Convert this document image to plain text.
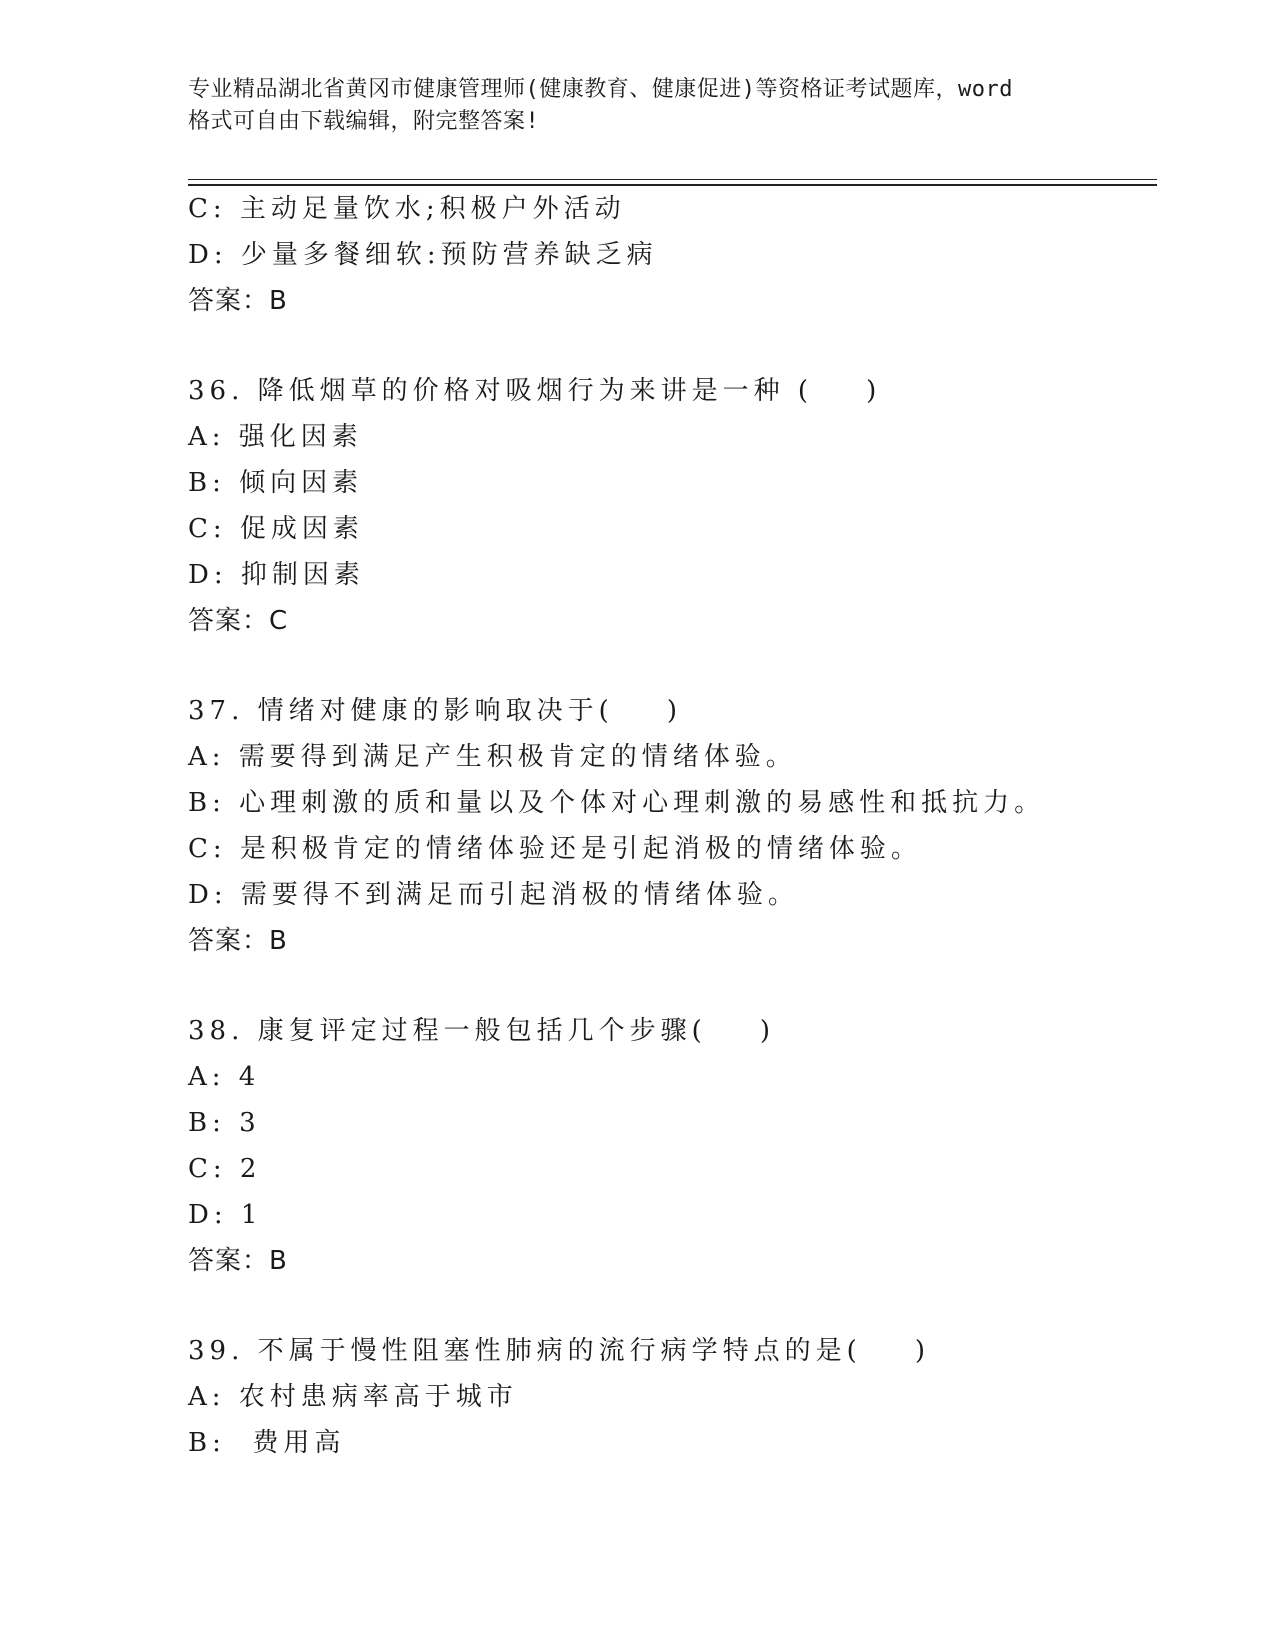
专业精品湖北省黄冈市健康管理师(健康教育、健康促进)等资格证考试题库，word
格式可自由下载编辑，附完整答案!
C: 主动足量饮水;积极户外活动
D: 少量多餐细软:预防营养缺乏病
答案：B
36. 降低烟草的价格对吸烟行为来讲是一种 (    )
A: 强化因素
B: 倾向因素
C: 促成因素
D: 抑制因素
答案：C
37. 情绪对健康的影响取决于(    )
A: 需要得到满足产生积极肯定的情绪体验。
B: 心理刺激的质和量以及个体对心理刺激的易感性和抵抗力。
C: 是积极肯定的情绪体验还是引起消极的情绪体验。
D: 需要得不到满足而引起消极的情绪体验。
答案：B
38. 康复评定过程一般包括几个步骤(    )
A: 4
B: 3
C: 2
D: 1
答案：B
39. 不属于慢性阻塞性肺病的流行病学特点的是(    )
A: 农村患病率高于城市
B:  费用高
